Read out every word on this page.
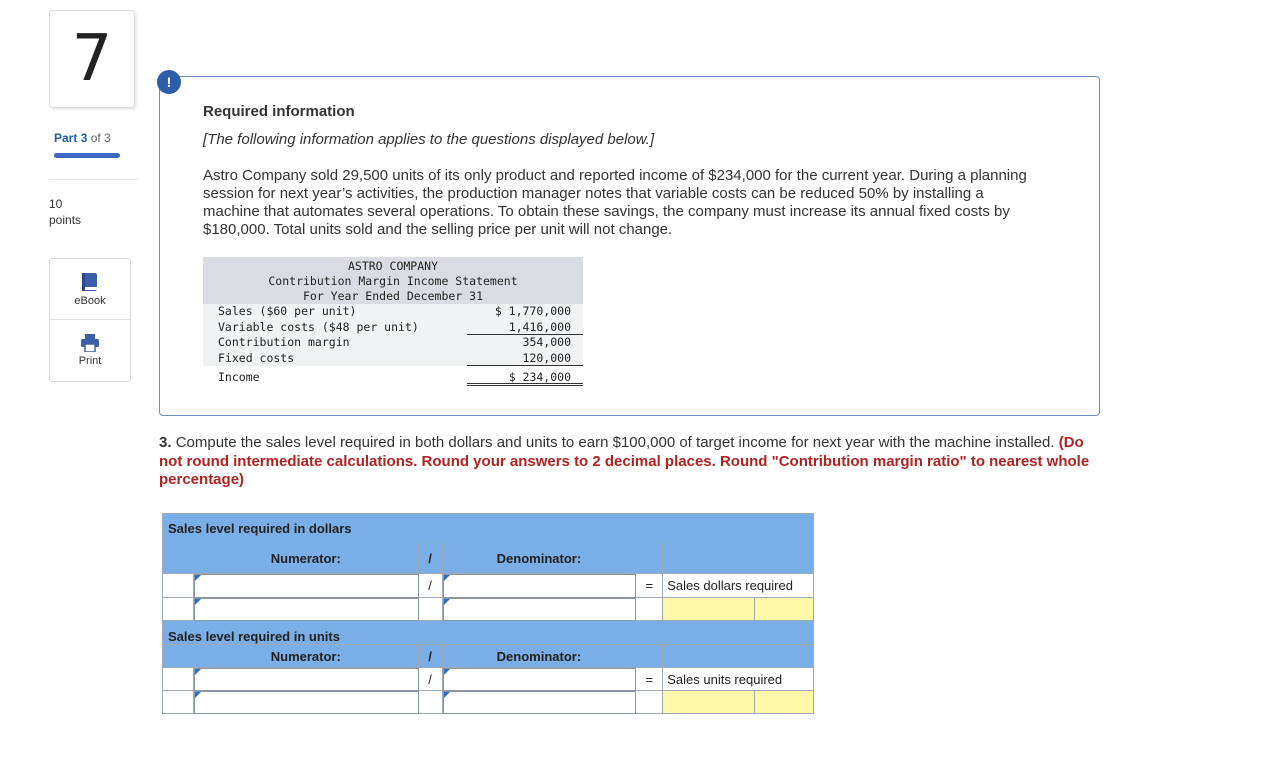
7
Part 3 of 3
10
points
eBook
Print
Required information
[The following information applies to the questions displayed below.]
Astro Company sold 29,500 units of its only product and reported income of $234,000 for the current year. During a planning session for next year’s activities, the production manager notes that variable costs can be reduced 50% by installing a machine that automates several operations. To obtain these savings, the company must increase its annual fixed costs by $180,000. Total units sold and the selling price per unit will not change.
ASTRO COMPANY
Contribution Margin Income Statement
For Year Ended December 31
Sales ($60 per unit)	$ 1,770,000
Variable costs ($48 per unit)	1,416,000
Contribution margin	354,000
Fixed costs	120,000
Income	$ 234,000
!
3. Compute the sales level required in both dollars and units to earn $100,000 of target income for next year with the machine installed. (Do not round intermediate calculations. Round your answers to 2 decimal places. Round "Contribution margin ratio" to nearest whole percentage)
Sales level required in dollars
Numerator:	/	Denominator:
/	=	Sales dollars required
Sales level required in units
Numerator:	/	Denominator:
/	=	Sales units required
